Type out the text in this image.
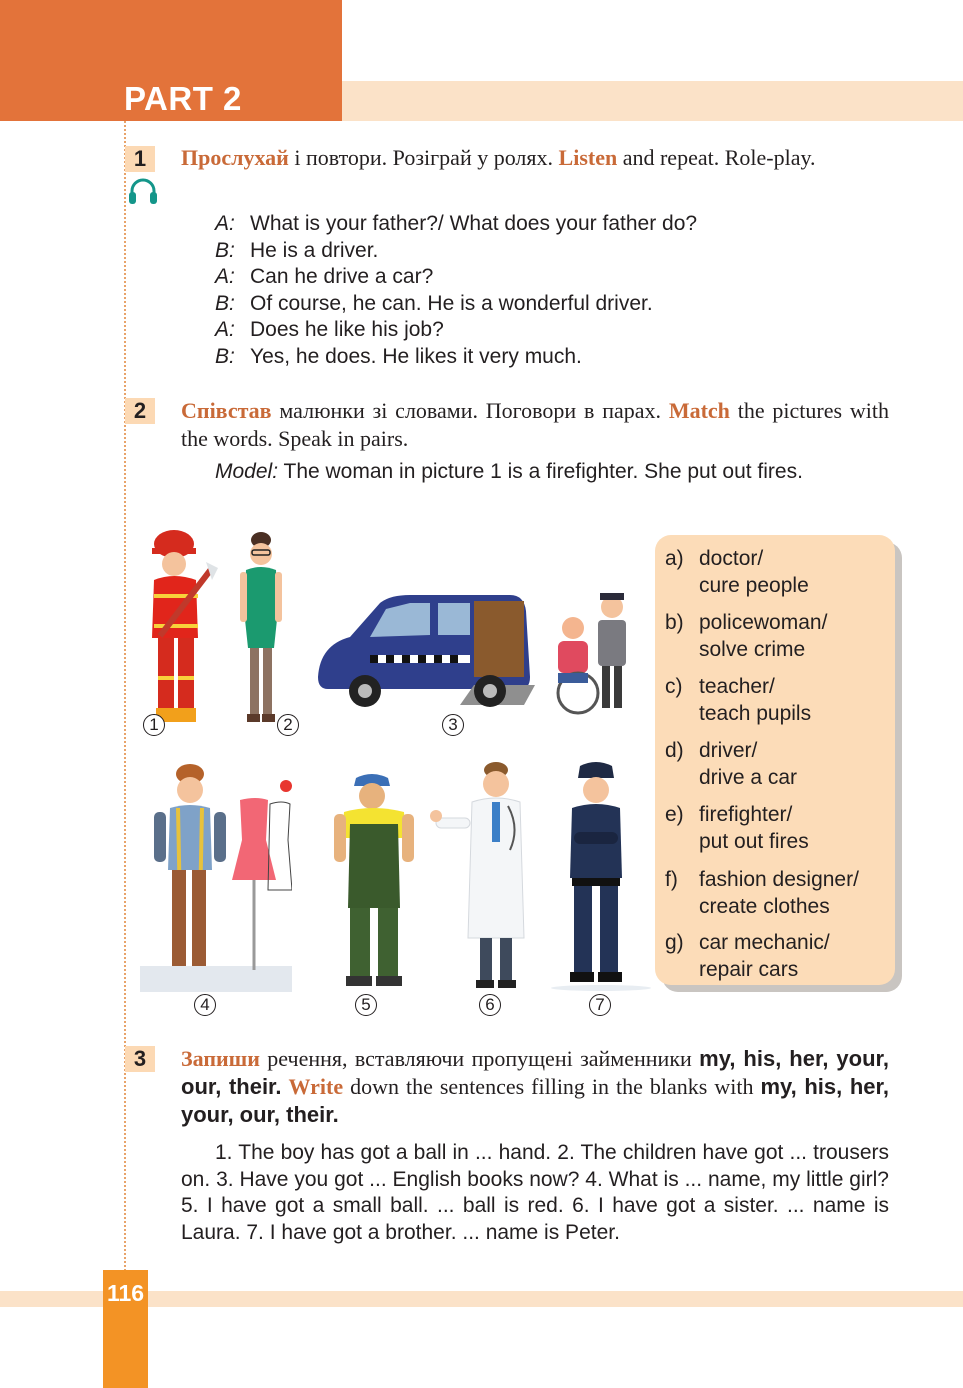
PART 2
1	Прослухай і повтори. Розіграй у ролях. Listen and repeat. Role-play.
A: What is your father?/ What does your father do?
B: He is a driver.
A: Can he drive a car?
B: Of course, he can. He is a wonderful driver.
A: Does he like his job?
B: Yes, he does. He likes it very much.
2	Співстав малюнки зі словами. Поговори в парах. Match the pictures with the words. Speak in pairs.
Model: The woman in picture 1 is a firefighter. She put out fires.
1	2	3
4	5	6	7
a) doctor/
cure people
b) policewoman/
solve crime
c) teacher/
teach pupils
d) driver/
drive a car
e) firefighter/
put out fires
f)	fashion designer/
create clothes
g) car mechanic/
repair cars
3	Запиши речення, вставляючи пропущені займенники my, his, her, your, our, their. Write down the sentences filling in the blanks with my, his, her, your, our, their.
1. The boy has got a ball in ... hand. 2. The children have got ... trousers on. 3. Have you got ... English books now? 4. What is ... name, my little girl? 5. I have got a small ball. ... ball is red. 6. I have got a sister. ... name is Laura. 7. I have got a brother. ... name is Peter.
116
